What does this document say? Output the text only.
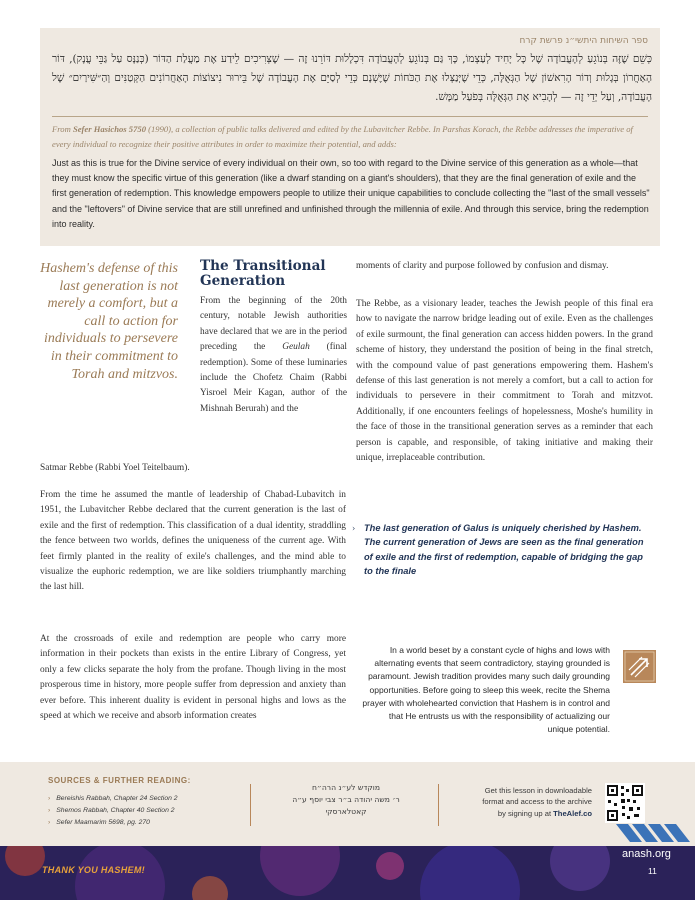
ספר השיחות היתשי״נ פרשת קרח
כְּשֵׁם שֶׁזֶּה בְּנוֹגֵעַ לְהָעֲבוֹדָה שֶׁל כָּל יָחִיד לְעַצְמוֹ, כָּךְ גַּם בְּנוֹגֵעַ לְהָעֲבוֹדָה דִּכְלָלוּת דּוֹרֵנוּ זֶה — שֶׁצְּרִיכִים לֵידַע אֶת מַעֲלַת הַדּוֹר (כְּנַנָּס עַל גַּבֵּי עֲנָק), דּוֹר הָאַחֲרוֹן בְּגָלוּת וְדוֹר הָרִאשׁוֹן שֶׁל הַגְּאֻלָּה, כְּדֵי שֶׁיְּנַצְּלוּ אֶת הַכֹּחוֹת שֶׁיֶּשְׁנָם כְּדֵי לְסַיֵּם אֶת הָעֲבוֹדָה שֶׁל בֵּירוּר נִיצוֹצוֹת הָאַחֲרוֹנִים הַקְּטַנִּים וְהַ״שִּׁירַיִם״ שֶׁל הָעֲבוֹדָה, וְעַל יְדֵי זֶה — לְהָבִיא אֶת הַגְּאֻלָּה בְּפֹעַל מַמָּשׁ.
From Sefer Hasichos 5750 (1990), a collection of public talks delivered and edited by the Lubavitcher Rebbe. In Parshas Korach, the Rebbe addresses the imperative of every individual to recognize their positive attributes in order to maximize their potential, and adds:
Just as this is true for the Divine service of every individual on their own, so too with regard to the Divine service of this generation as a whole—that they must know the specific virtue of this generation (like a dwarf standing on a giant's shoulders), that they are the final generation of exile and the first generation of redemption. This knowledge empowers people to utilize their unique capabilities to conclude collecting the "last of the small vessels" and the "leftovers" of Divine service that are still unrefined and unfinished through the millennia of exile. And through this service, bring the redemption into reality.
Hashem's defense of this last generation is not merely a comfort, but a call to action for individuals to persevere in their commitment to Torah and mitzvos.
The Transitional Generation
From the beginning of the 20th century, notable Jewish authorities have declared that we are in the period preceding the Geulah (final redemption). Some of these luminaries include the Chofetz Chaim (Rabbi Yisroel Meir Kagan, author of the Mishnah Berurah) and the
Satmar Rebbe (Rabbi Yoel Teitelbaum).
From the time he assumed the mantle of leadership of Chabad-Lubavitch in 1951, the Lubavitcher Rebbe declared that the current generation is the last of exile and the first of redemption. This classification of a dual identity, straddling the fence between two worlds, defines the uniqueness of the current age. With feet firmly planted in the reality of exile's challenges, and the mind able to visualize the euphoric redemption, we are like soldiers triumphantly marching the last hill.
At the crossroads of exile and redemption are people who carry more information in their pockets than exists in the entire Library of Congress, yet only a few clicks separate the holy from the profane. Though living in the most prosperous time in history, more people suffer from depression and anxiety than ever before. This inherent duality is evident in personal highs and lows as the speed at which we receive and absorb information creates
moments of clarity and purpose followed by confusion and dismay.
The Rebbe, as a visionary leader, teaches the Jewish people of this final era how to navigate the narrow bridge leading out of exile. Even as the challenges of exile surmount, the final generation can access hidden powers. In the grand scheme of history, they understand the position of being in the final stretch, with the compound value of past generations empowering them. Hashem's defense of this last generation is not merely a comfort, but a call to action for individuals to persevere in their commitment to Torah and mitzvot. Additionally, if one encounters feelings of hopelessness, Moshe's humility in the face of those in the transitional generation serves as a reminder that each person is capable, and responsible, of taking initiative and making their unique, irreplaceable contribution.
› The last generation of Galus is uniquely cherished by Hashem. The current generation of Jews are seen as the final generation of exile and the first of redemption, capable of bridging the gap to the finale
In a world beset by a constant cycle of highs and lows with alternating events that seem contradictory, staying grounded is paramount. Jewish tradition provides many such daily grounding opportunities. Before going to sleep this week, recite the Shema prayer with wholehearted conviction that Hashem is in control and that He entrusts us with the responsibility of actualizing our unique potential.
SOURCES & FURTHER READING:
› Bereishis Rabbah, Chapter 24 Section 2
› Shemos Rabbah, Chapter 40 Section 2
› Sefer Maamarim 5698, pg. 270
מוקדש לע״נ הרה״ח
ר׳ משה יהודה ב״ר צבי יוסף ע״ה
קאטלארסקי
Get this lesson in downloadable
format and access to the archive
by signing up at TheAlef.co
THANK YOU HASHEM!
anash.org
11
